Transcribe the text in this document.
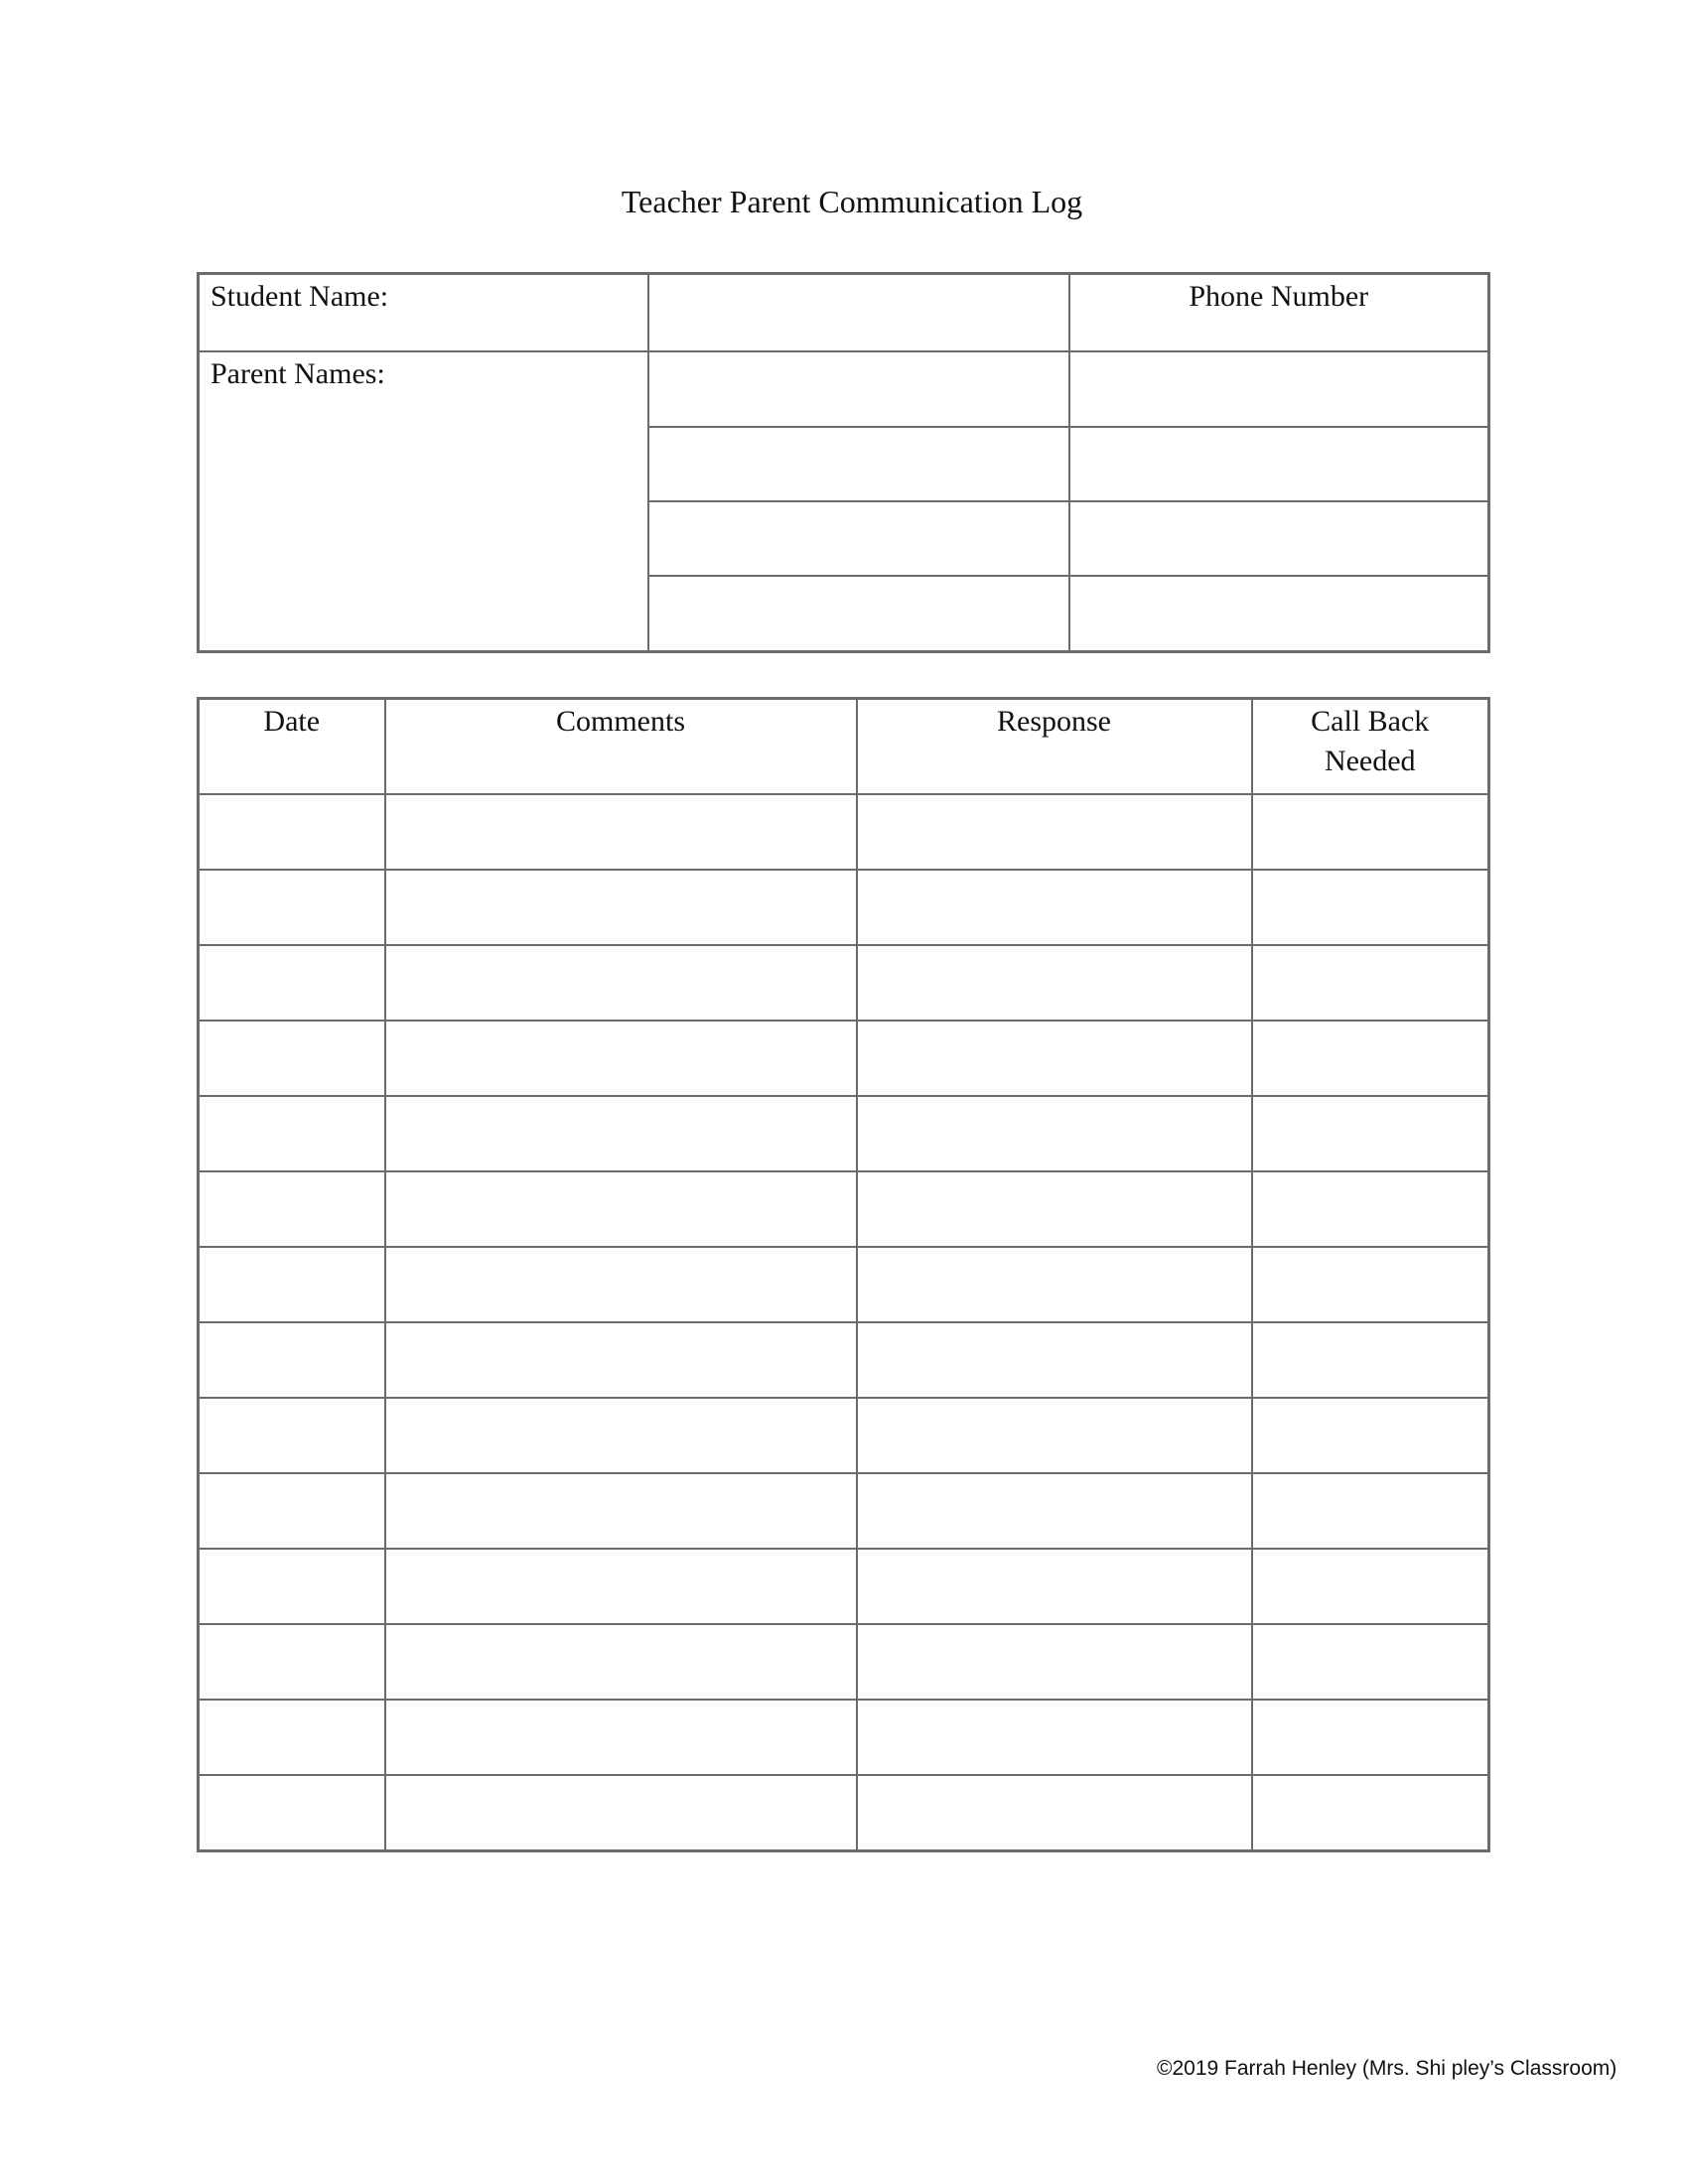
Teacher Parent Communication Log
Student Name:		Phone Number
Parent Names:		

Date	Comments	Response	Call Back
Needed

©2019 Farrah Henley (Mrs. Shi pley’s Classroom)
